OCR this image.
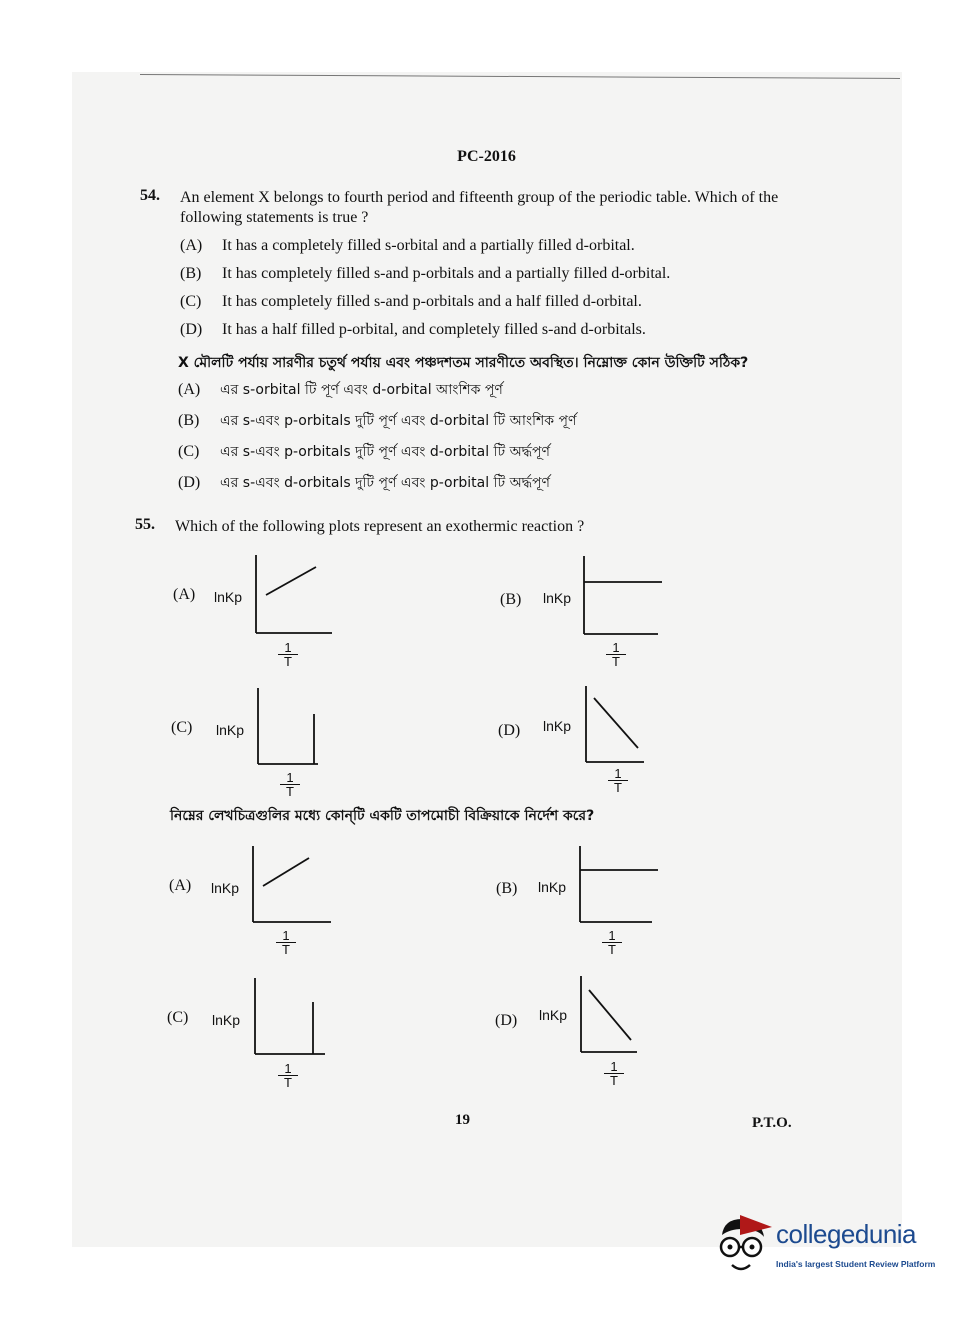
PC-2016
54. An element X belongs to fourth period and fifteenth group of the periodic table. Which of the following statements is true ?
(A) It has a completely filled s-orbital and a partially filled d-orbital.
(B) It has completely filled s-and p-orbitals and a partially filled d-orbital.
(C) It has completely filled s-and p-orbitals and a half filled d-orbital.
(D) It has a half filled p-orbital, and completely filled s-and d-orbitals.
X মৌলটি পর্যায় সারণীর চতুর্থ পর্যায় এবং পঞ্চদশতম সারণীতে অবস্থিত। নিম্নোক্ত কোন উক্তিটি সঠিক?
(A) এর s-orbital টি পূর্ণ এবং d-orbital আংশিক পূর্ণ
(B) এর s-এবং p-orbitals দুটি পূর্ণ এবং d-orbital টি আংশিক পূর্ণ
(C) এর s-এবং p-orbitals দুটি পূর্ণ এবং d-orbital টি অর্দ্ধপূর্ণ
(D) এর s-এবং d-orbitals দুটি পূর্ণ এবং p-orbital টি অর্দ্ধপূর্ণ
55. Which of the following plots represent an exothermic reaction ?
(A) lnKp
$\frac{1}{T}$
(B) lnKp
$\frac{1}{T}$
(C) lnKp
$\frac{1}{T}$
(D) lnKp
$\frac{1}{T}$
নিম্নের লেখচিত্রগুলির মধ্যে কোন্‌টি একটি তাপমোচী বিক্রিয়াকে নির্দেশ করে?
(A) lnKp
$\frac{1}{T}$
(B) lnKp
$\frac{1}{T}$
(C) lnKp
$\frac{1}{T}$
(D) lnKp
$\frac{1}{T}$
19	P.T.O.
collegedunia
India's largest Student Review Platform
